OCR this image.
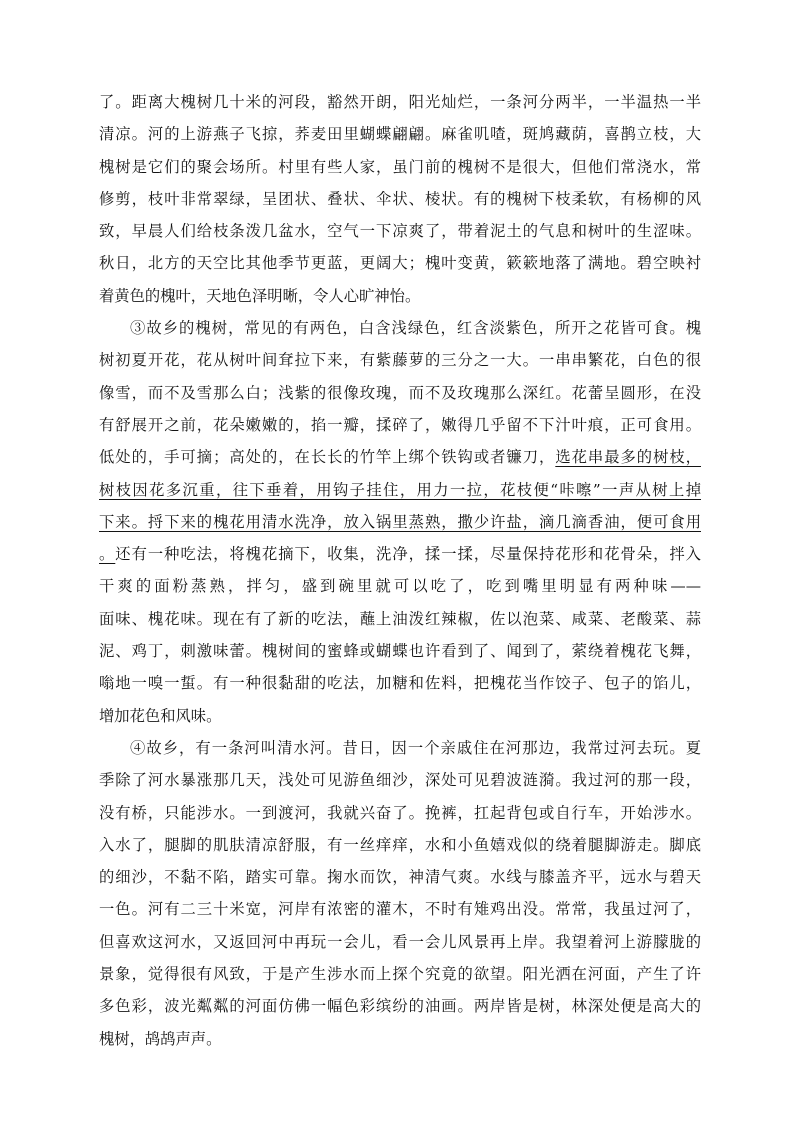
了。距离大槐树几十米的河段，豁然开朗，阳光灿烂，一条河分两半，一半温热一半
清凉。河的上游燕子飞掠，荞麦田里蝴蝶翩翩。麻雀叽喳，斑鸠藏荫，喜鹊立枝，大
槐树是它们的聚会场所。村里有些人家，虽门前的槐树不是很大，但他们常浇水，常
修剪，枝叶非常翠绿，呈团状、叠状、伞状、棱状。有的槐树下枝柔软，有杨柳的风
致，早晨人们给枝条泼几盆水，空气一下凉爽了，带着泥土的气息和树叶的生涩味。
秋日，北方的天空比其他季节更蓝，更阔大；槐叶变黄，簌簌地落了满地。碧空映衬
着黄色的槐叶，天地色泽明晰，令人心旷神怡。
③故乡的槐树，常见的有两色，白含浅绿色，红含淡紫色，所开之花皆可食。槐
树初夏开花，花从树叶间耷拉下来，有紫藤萝的三分之一大。一串串繁花，白色的很
像雪，而不及雪那么白；浅紫的很像玫瑰，而不及玫瑰那么深红。花蕾呈圆形，在没
有舒展开之前，花朵嫩嫩的，掐一瓣，揉碎了，嫩得几乎留不下汁叶痕，正可食用。
低处的，手可摘；高处的，在长长的竹竿上绑个铁钩或者镰刀，选花串最多的树枝，
树枝因花多沉重，往下垂着，用钩子挂住，用力一拉，花枝便“咔嚓”一声从树上掉
下来。捋下来的槐花用清水洗净，放入锅里蒸熟，撒少许盐，滴几滴香油，便可食用
。还有一种吃法，将槐花摘下，收集，洗净，揉一揉，尽量保持花形和花骨朵，拌入
干爽的面粉蒸熟，拌匀，盛到碗里就可以吃了，吃到嘴里明显有两种味——
面味、槐花味。现在有了新的吃法，蘸上油泼红辣椒，佐以泡菜、咸菜、老酸菜、蒜
泥、鸡丁，刺激味蕾。槐树间的蜜蜂或蝴蝶也许看到了、闻到了，萦绕着槐花飞舞，
嗡地一嗅一蜇。有一种很黏甜的吃法，加糖和佐料，把槐花当作饺子、包子的馅儿，
增加花色和风味。
④故乡，有一条河叫清水河。昔日，因一个亲戚住在河那边，我常过河去玩。夏
季除了河水暴涨那几天，浅处可见游鱼细沙，深处可见碧波涟漪。我过河的那一段，
没有桥，只能涉水。一到渡河，我就兴奋了。挽裤，扛起背包或自行车，开始涉水。
入水了，腿脚的肌肤清凉舒服，有一丝痒痒，水和小鱼嬉戏似的绕着腿脚游走。脚底
的细沙，不黏不陷，踏实可靠。掬水而饮，神清气爽。水线与膝盖齐平，远水与碧天
一色。河有二三十米宽，河岸有浓密的灌木，不时有雉鸡出没。常常，我虽过河了，
但喜欢这河水，又返回河中再玩一会儿，看一会儿风景再上岸。我望着河上游朦胧的
景象，觉得很有风致，于是产生涉水而上探个究竟的欲望。阳光洒在河面，产生了许
多色彩，波光粼粼的河面仿佛一幅色彩缤纷的油画。两岸皆是树，林深处便是高大的
槐树，鸪鸪声声。
